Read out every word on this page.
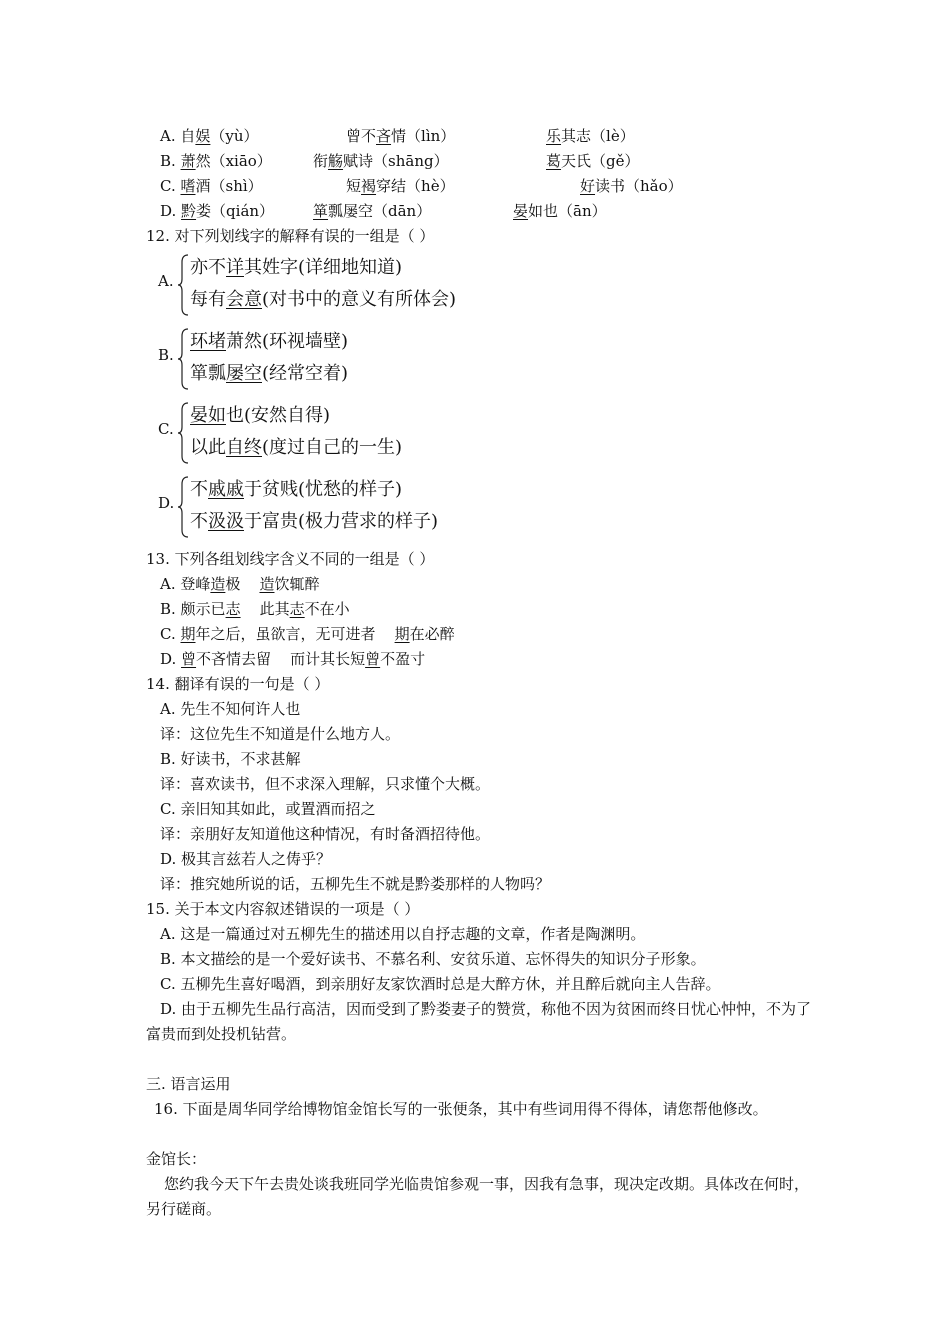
A. 自娱（yù）	曾不吝情（lìn）	乐其志（lè）
B. 萧然（xiāo）	衔觞赋诗（shāng）	葛天氏（gě）
C. 嗜酒（shì）	短褐穿结（hè）	好读书（hǎo）
D. 黔娄（qián）	箪瓢屡空（dān）	晏如也（ān）
12. 对下列划线字的解释有误的一组是（ ）
A.
亦不详其姓字(详细地知道)
每有会意(对书中的意义有所体会)
B.
环堵萧然(环视墙壁)
箪瓢屡空(经常空着)
C.
晏如也(安然自得)
以此自终(度过自己的一生)
D.
不戚戚于贫贱(忧愁的样子)
不汲汲于富贵(极力营求的样子)
13. 下列各组划线字含义不同的一组是（ ）
A. 登峰造极    造饮辄醉
B. 颇示已志    此其志不在小
C. 期年之后，虽欲言，无可进者    期在必醉
D. 曾不吝情去留    而计其长短曾不盈寸
14. 翻译有误的一句是（ ）
A. 先生不知何许人也
译：这位先生不知道是什么地方人。
B. 好读书，不求甚解
译：喜欢读书，但不求深入理解，只求懂个大概。
C. 亲旧知其如此，或置酒而招之
译：亲朋好友知道他这种情况，有时备酒招待他。
D. 极其言兹若人之俦乎？
译：推究她所说的话，五柳先生不就是黔娄那样的人物吗？
15. 关于本文内容叙述错误的一项是（ ）
A. 这是一篇通过对五柳先生的描述用以自抒志趣的文章，作者是陶渊明。
B. 本文描绘的是一个爱好读书、不慕名利、安贫乐道、忘怀得失的知识分子形象。
C. 五柳先生喜好喝酒，到亲朋好友家饮酒时总是大醉方休，并且醉后就向主人告辞。
D. 由于五柳先生品行高洁，因而受到了黔娄妻子的赞赏，称他不因为贫困而终日忧心忡忡，不为了富贵而到处投机钻营。
三. 语言运用
16. 下面是周华同学给博物馆金馆长写的一张便条，其中有些词用得不得体，请您帮他修改。
金馆长：
您约我今天下午去贵处谈我班同学光临贵馆参观一事，因我有急事，现决定改期。具体改在何时，另行磋商。
